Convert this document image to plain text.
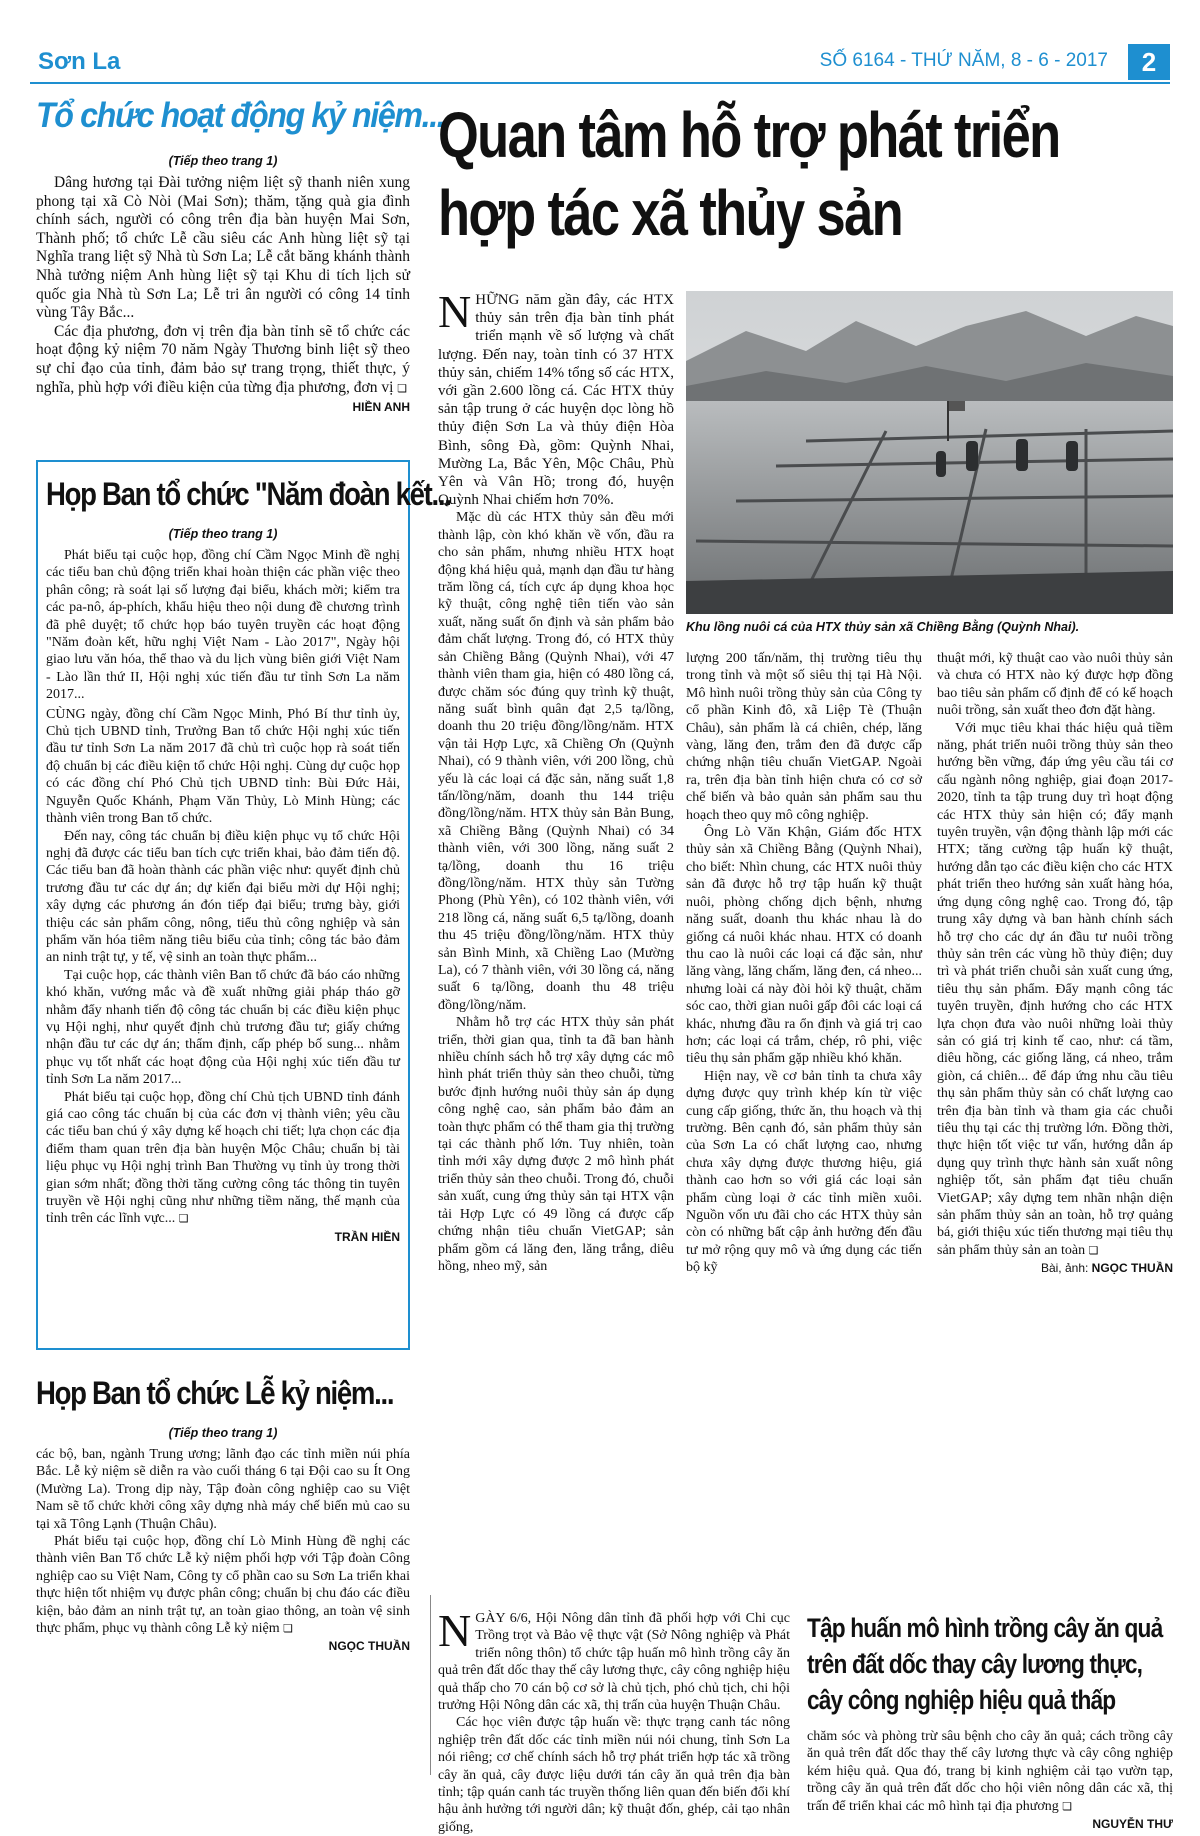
Sơn La	SỐ 6164 - THỨ NĂM, 8 - 6 - 2017	2
Tổ chức hoạt động kỷ niệm...
(Tiếp theo trang 1)

Dâng hương tại Đài tưởng niệm liệt sỹ thanh niên xung phong tại xã Cò Nòi (Mai Sơn); thăm, tặng quà gia đình chính sách, người có công trên địa bàn huyện Mai Sơn, Thành phố; tổ chức Lễ cầu siêu các Anh hùng liệt sỹ tại Nghĩa trang liệt sỹ Nhà tù Sơn La; Lễ cắt băng khánh thành Nhà tưởng niệm Anh hùng liệt sỹ tại Khu di tích lịch sử quốc gia Nhà tù Sơn La; Lễ tri ân người có công 14 tỉnh vùng Tây Bắc...

Các địa phương, đơn vị trên địa bàn tỉnh sẽ tổ chức các hoạt động kỷ niệm 70 năm Ngày Thương binh liệt sỹ theo sự chỉ đạo của tỉnh, đảm bảo sự trang trọng, thiết thực, ý nghĩa, phù hợp với điều kiện của từng địa phương, đơn vị ❏

HIỀN ANH
Họp Ban tổ chức "Năm đoàn kết...
(Tiếp theo trang 1)

Phát biểu tại cuộc họp, đồng chí Cầm Ngọc Minh đề nghị các tiểu ban chủ động triển khai hoàn thiện các phần việc theo phân công; rà soát lại số lượng đại biểu, khách mời; kiểm tra các pa-nô, áp-phích, khẩu hiệu theo nội dung đề chương trình đã phê duyệt; tổ chức họp báo tuyên truyền các hoạt động "Năm đoàn kết, hữu nghị Việt Nam - Lào 2017", Ngày hội giao lưu văn hóa, thể thao và du lịch vùng biên giới Việt Nam - Lào lần thứ II, Hội nghị xúc tiến đầu tư tỉnh Sơn La năm 2017...

CÙNG ngày, đồng chí Cầm Ngọc Minh, Phó Bí thư tỉnh ủy, Chủ tịch UBND tỉnh, Trưởng Ban tổ chức Hội nghị xúc tiến đầu tư tỉnh Sơn La năm 2017 đã chủ trì cuộc họp rà soát tiến độ chuẩn bị các điều kiện tổ chức Hội nghị. Cùng dự cuộc họp có các đồng chí Phó Chủ tịch UBND tỉnh: Bùi Đức Hải, Nguyễn Quốc Khánh, Phạm Văn Thủy, Lò Minh Hùng; các thành viên trong Ban tổ chức.

Đến nay, công tác chuẩn bị điều kiện phục vụ tổ chức Hội nghị đã được các tiểu ban tích cực triển khai, bảo đảm tiến độ. Các tiểu ban đã hoàn thành các phần việc như: quyết định chủ trương đầu tư các dự án; dự kiến đại biểu mời dự Hội nghị; xây dựng các phương án đón tiếp đại biểu; trưng bày, giới thiệu các sản phẩm công, nông, tiểu thủ công nghiệp và sản phẩm văn hóa tiêm năng tiêu biểu của tỉnh; công tác bảo đảm an ninh trật tự, y tế, vệ sinh an toàn thực phẩm...

Tại cuộc họp, các thành viên Ban tổ chức đã báo cáo những khó khăn, vướng mắc và đề xuất những giải pháp tháo gỡ nhằm đẩy nhanh tiến độ công tác chuẩn bị các điều kiện phục vụ Hội nghị, như quyết định chủ trương đầu tư; giấy chứng nhận đầu tư các dự án; thẩm định, cấp phép bố sung... nhằm phục vụ tốt nhất các hoạt động của Hội nghị xúc tiến đầu tư tỉnh Sơn La năm 2017...

Phát biểu tại cuộc họp, đồng chí Chủ tịch UBND tỉnh đánh giá cao công tác chuẩn bị của các đơn vị thành viên; yêu cầu các tiểu ban chú ý xây dựng kế hoạch chi tiết; lựa chọn các địa điểm tham quan trên địa bàn huyện Mộc Châu; chuẩn bị tài liệu phục vụ Hội nghị trình Ban Thường vụ tỉnh ủy trong thời gian sớm nhất; đồng thời tăng cường công tác thông tin tuyên truyền về Hội nghị cũng như những tiềm năng, thế mạnh của tỉnh trên các lĩnh vực... ❏

TRẦN HIỀN
Họp Ban tổ chức Lễ kỷ niệm...
(Tiếp theo trang 1)

các bộ, ban, ngành Trung ương; lãnh đạo các tỉnh miền núi phía Bắc. Lễ kỷ niệm sẽ diễn ra vào cuối tháng 6 tại Đội cao su Ít Ong (Mường La). Trong dịp này, Tập đoàn công nghiệp cao su Việt Nam sẽ tổ chức khởi công xây dựng nhà máy chế biến mủ cao su tại xã Tông Lạnh (Thuận Châu).

Phát biểu tại cuộc họp, đồng chí Lò Minh Hùng đề nghị các thành viên Ban Tổ chức Lễ kỷ niệm phối hợp với Tập đoàn Công nghiệp cao su Việt Nam, Công ty cổ phần cao su Sơn La triển khai thực hiện tốt nhiệm vụ được phân công; chuẩn bị chu đáo các điều kiện, bảo đảm an ninh trật tự, an toàn giao thông, an toàn vệ sinh thực phẩm, phục vụ thành công Lễ kỷ niệm ❏

NGỌC THUẦN
Quan tâm hỗ trợ phát triển
hợp tác xã thủy sản

NHỮNG năm gần đây, các HTX thủy sản trên địa bàn tỉnh phát triển mạnh về số lượng và chất lượng. Đến nay, toàn tỉnh có 37 HTX thủy sản, chiếm 14% tổng số các HTX, với gần 2.600 lồng cá. Các HTX thủy sản tập trung ở các huyện dọc lòng hồ thủy điện Sơn La và thủy điện Hòa Bình, sông Đà, gồm: Quỳnh Nhai, Mường La, Bắc Yên, Mộc Châu, Phù Yên và Vân Hồ; trong đó, huyện Quỳnh Nhai chiếm hơn 70%.

Mặc dù các HTX thủy sản đều mới thành lập, còn khó khăn về vốn, đầu ra cho sản phẩm, nhưng nhiều HTX hoạt động khá hiệu quả, mạnh dạn đầu tư hàng trăm lồng cá, tích cực áp dụng khoa học kỹ thuật, công nghệ tiên tiến vào sản xuất, năng suất ổn định và sản phẩm bảo đảm chất lượng. Trong đó, có HTX thủy sản Chiềng Bằng (Quỳnh Nhai), với 47 thành viên tham gia, hiện có 480 lồng cá, được chăm sóc đúng quy trình kỹ thuật, năng suất bình quân đạt 2,5 tạ/lồng, doanh thu 20 triệu đồng/lồng/năm. HTX vận tải Hợp Lực, xã Chiềng Ơn (Quỳnh Nhai), có 9 thành viên, với 200 lồng, chủ yếu là các loại cá đặc sản, năng suất 1,8 tấn/lồng/năm, doanh thu 144 triệu đồng/lồng/năm. HTX thủy sản Bản Bung, xã Chiềng Bằng (Quỳnh Nhai) có 34 thành viên, với 300 lồng, năng suất 2 tạ/lồng, doanh thu 16 triệu đồng/lồng/năm. HTX thủy sản Tường Phong (Phù Yên), có 102 thành viên, với 218 lồng cá, năng suất 6,5 tạ/lồng, doanh thu 45 triệu đồng/lồng/năm. HTX thủy sản Bình Minh, xã Chiềng Lao (Mường La), có 7 thành viên, với 30 lồng cá, năng suất 6 tạ/lồng, doanh thu 48 triệu đồng/lồng/năm.

Nhằm hỗ trợ các HTX thủy sản phát triển, thời gian qua, tỉnh ta đã ban hành nhiều chính sách hỗ trợ xây dựng các mô hình phát triển thủy sản theo chuỗi, từng bước định hướng nuôi thủy sản áp dụng công nghệ cao, sản phẩm bảo đảm an toàn thực phẩm có thể tham gia thị trường tại các thành phố lớn. Tuy nhiên, toàn tỉnh mới xây dựng được 2 mô hình phát triển thủy sản theo chuỗi. Trong đó, chuỗi sản xuất, cung ứng thủy sản tại HTX vận tải Hợp Lực có 49 lồng cá được cấp chứng nhận tiêu chuẩn VietGAP; sản phẩm gồm cá lăng đen, lăng trắng, diêu hồng, nheo mỹ, sản

Khu lồng nuôi cá của HTX thủy sản xã Chiềng Bằng (Quỳnh Nhai).

lượng 200 tấn/năm, thị trường tiêu thụ trong tỉnh và một số siêu thị tại Hà Nội. Mô hình nuôi trồng thủy sản của Công ty cổ phần Kinh đô, xã Liệp Tè (Thuận Châu), sản phẩm là cá chiên, chép, lăng vàng, lăng đen, trắm đen đã được cấp chứng nhận tiêu chuẩn VietGAP. Ngoài ra, trên địa bàn tỉnh hiện chưa có cơ sở chế biến và bảo quản sản phẩm sau thu hoạch theo quy mô công nghiệp.

Ông Lò Văn Khận, Giám đốc HTX thủy sản xã Chiềng Bằng (Quỳnh Nhai), cho biết: Nhìn chung, các HTX nuôi thủy sản đã được hỗ trợ tập huấn kỹ thuật nuôi, phòng chống dịch bệnh, nhưng năng suất, doanh thu khác nhau là do giống cá nuôi khác nhau. HTX có doanh thu cao là nuôi các loại cá đặc sản, như lăng vàng, lăng chấm, lăng đen, cá nheo... nhưng loài cá này đòi hỏi kỹ thuật, chăm sóc cao, thời gian nuôi gấp đôi các loại cá khác, nhưng đầu ra ổn định và giá trị cao hơn; các loại cá trắm, chép, rô phi, việc tiêu thụ sản phẩm gặp nhiều khó khăn.

Hiện nay, về cơ bản tỉnh ta chưa xây dựng được quy trình khép kín từ việc cung cấp giống, thức ăn, thu hoạch và thị trường. Bên cạnh đó, sản phẩm thủy sản của Sơn La có chất lượng cao, nhưng chưa xây dựng được thương hiệu, giá thành cao hơn so với giá các loại sản phẩm cùng loại ở các tỉnh miền xuôi. Nguồn vốn ưu đãi cho các HTX thủy sản còn có những bất cập ảnh hưởng đến đầu tư mở rộng quy mô và ứng dụng các tiến bộ kỹ

thuật mới, kỹ thuật cao vào nuôi thủy sản và chưa có HTX nào ký được hợp đồng bao tiêu sản phẩm cố định để có kế hoạch nuôi trồng, sản xuất theo đơn đặt hàng.

Với mục tiêu khai thác hiệu quả tiềm năng, phát triển nuôi trồng thủy sản theo hướng bền vững, đáp ứng yêu cầu tái cơ cấu ngành nông nghiệp, giai đoạn 2017-2020, tỉnh ta tập trung duy trì hoạt động các HTX thủy sản hiện có; đẩy mạnh tuyên truyền, vận động thành lập mới các HTX; tăng cường tập huấn kỹ thuật, hướng dẫn tạo các điều kiện cho các HTX phát triển theo hướng sản xuất hàng hóa, ứng dụng công nghệ cao. Trong đó, tập trung xây dựng và ban hành chính sách hỗ trợ cho các dự án đầu tư nuôi trồng thủy sản trên các vùng hồ thủy điện; duy trì và phát triển chuỗi sản xuất cung ứng, tiêu thụ sản phẩm. Đẩy mạnh công tác tuyên truyền, định hướng cho các HTX lựa chọn đưa vào nuôi những loài thủy sản có giá trị kinh tế cao, như: cá tầm, diêu hồng, các giống lăng, cá nheo, trắm giòn, cá chiên... để đáp ứng nhu cầu tiêu thụ sản phẩm thủy sản có chất lượng cao trên địa bàn tỉnh và tham gia các chuỗi tiêu thụ tại các thị trường lớn. Đồng thời, thực hiện tốt việc tư vấn, hướng dẫn áp dụng quy trình thực hành sản xuất nông nghiệp tốt, sản phẩm đạt tiêu chuẩn VietGAP; xây dựng tem nhãn nhận diện sản phẩm thủy sản an toàn, hỗ trợ quảng bá, giới thiệu xúc tiến thương mại tiêu thụ sản phẩm thủy sản an toàn ❏

Bài, ảnh: NGỌC THUẦN

NGÀY 6/6, Hội Nông dân tỉnh đã phối hợp với Chi cục Trồng trọt và Bảo vệ thực vật (Sở Nông nghiệp và Phát triển nông thôn) tổ chức tập huấn mô hình trồng cây ăn quả trên đất dốc thay thế cây lương thực, cây công nghiệp hiệu quả thấp cho 70 cán bộ cơ sở là chủ tịch, phó chủ tịch, chi hội trưởng Hội Nông dân các xã, thị trấn của huyện Thuận Châu.

Các học viên được tập huấn về: thực trạng canh tác nông nghiệp trên đất dốc các tỉnh miền núi nói chung, tỉnh Sơn La nói riêng; cơ chế chính sách hỗ trợ phát triển hợp tác xã trồng cây ăn quả, cây được liệu dưới tán cây ăn quả trên địa bàn tỉnh; tập quán canh tác truyền thống liên quan đến biến đổi khí hậu ảnh hưởng tới người dân; kỹ thuật đốn, ghép, cải tạo nhân giống,

Tập huấn mô hình trồng cây ăn quả
trên đất dốc thay cây lương thực,
cây công nghiệp hiệu quả thấp

chăm sóc và phòng trừ sâu bệnh cho cây ăn quả; cách trồng cây ăn quả trên đất dốc thay thế cây lương thực và cây công nghiệp kém hiệu quả. Qua đó, trang bị kinh nghiệm cải tạo vườn tạp, trồng cây ăn quả trên đất dốc cho hội viên nông dân các xã, thị trấn để triển khai các mô hình tại địa phương ❏

NGUYỄN THƯ
